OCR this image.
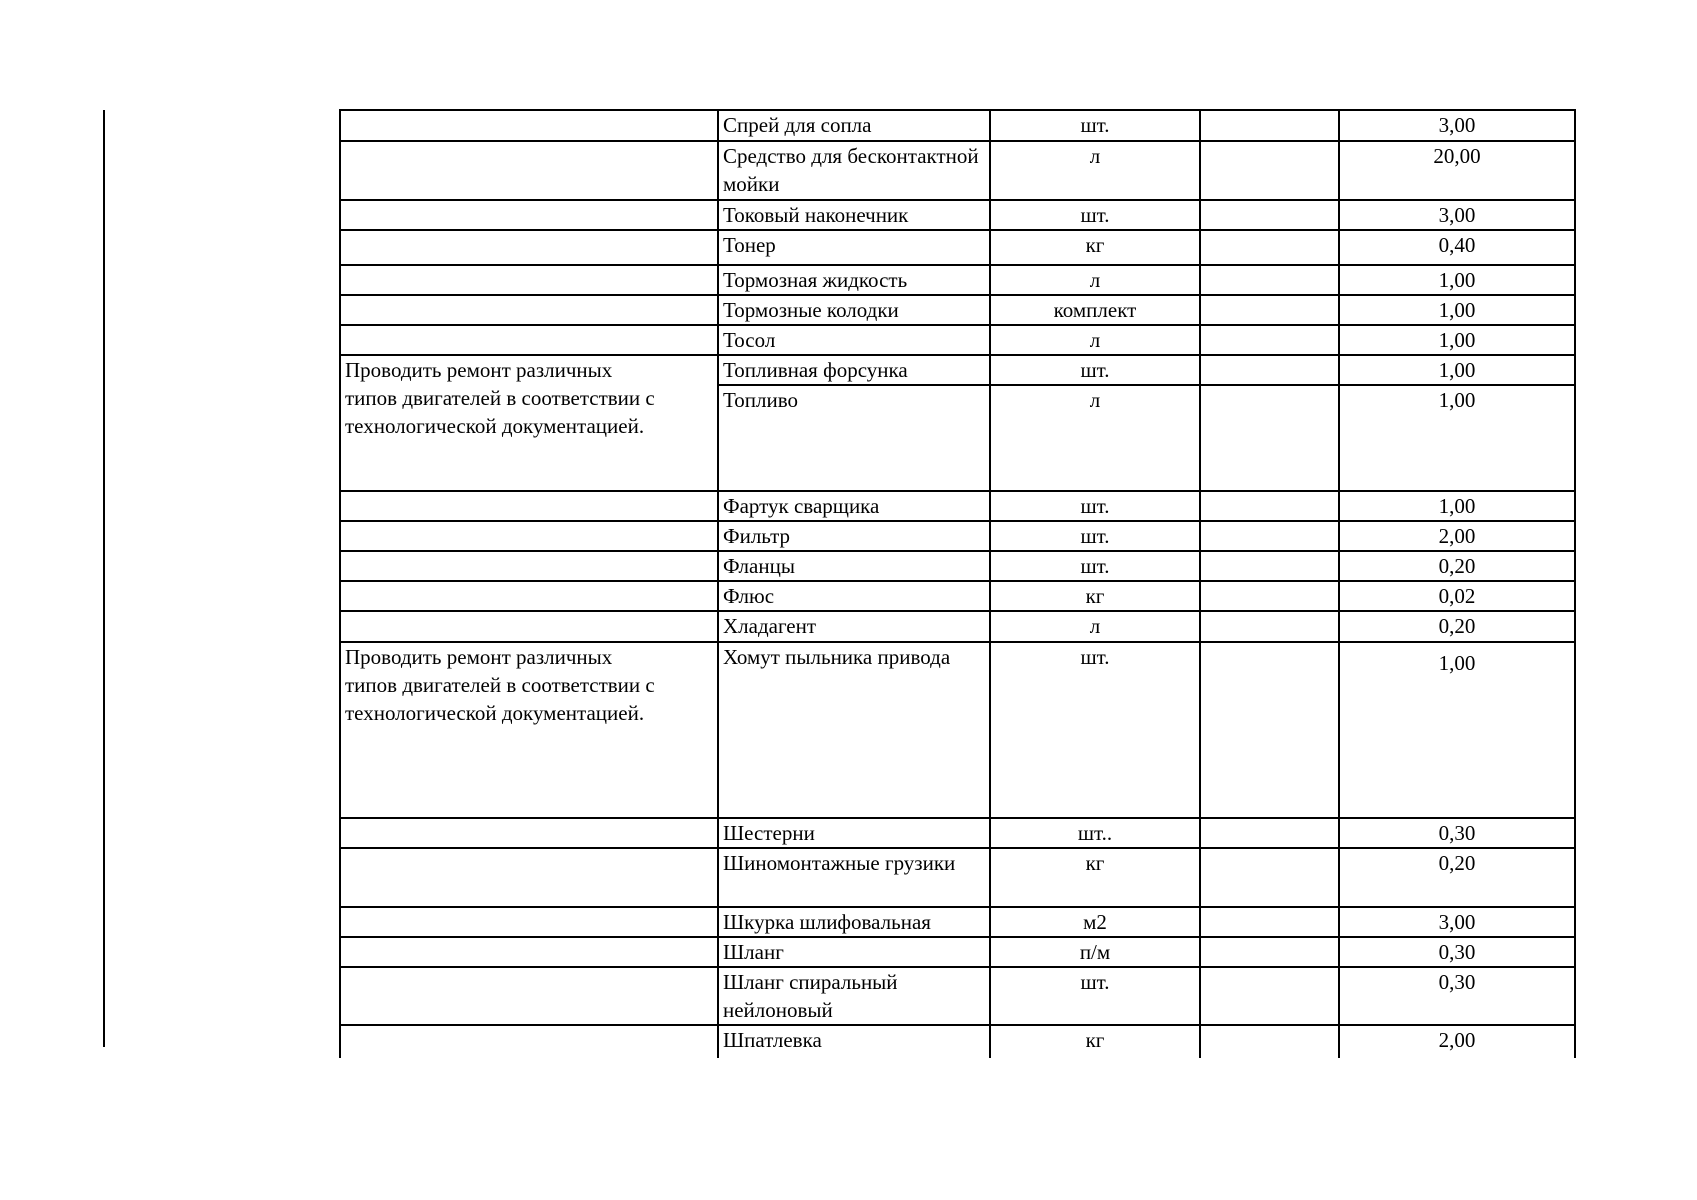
	Спрей для сопла	шт.		3,00
	Средство для бесконтактной мойки	л		20,00
	Токовый наконечник	шт.		3,00
	Тонер	кг		0,40
	Тормозная жидкость	л		1,00
	Тормозные колодки	комплект		1,00
	Тосол	л		1,00
Проводить ремонт различных типов двигателей в соответствии с технологической документацией.	Топливная форсунка	шт.		1,00
	Топливо	л		1,00
	Фартук сварщика	шт.		1,00
	Фильтр	шт.		2,00
	Фланцы	шт.		0,20
	Флюс	кг		0,02
	Хладагент	л		0,20
Проводить ремонт различных типов двигателей в соответствии с технологической документацией.	Хомут пыльника привода	шт.		1,00
	Шестерни	шт..		0,30
	Шиномонтажные грузики	кг		0,20
	Шкурка шлифовальная	м2		3,00
	Шланг	п/м		0,30
	Шланг спиральный нейлоновый	шт.		0,30
	Шпатлевка	кг		2,00
